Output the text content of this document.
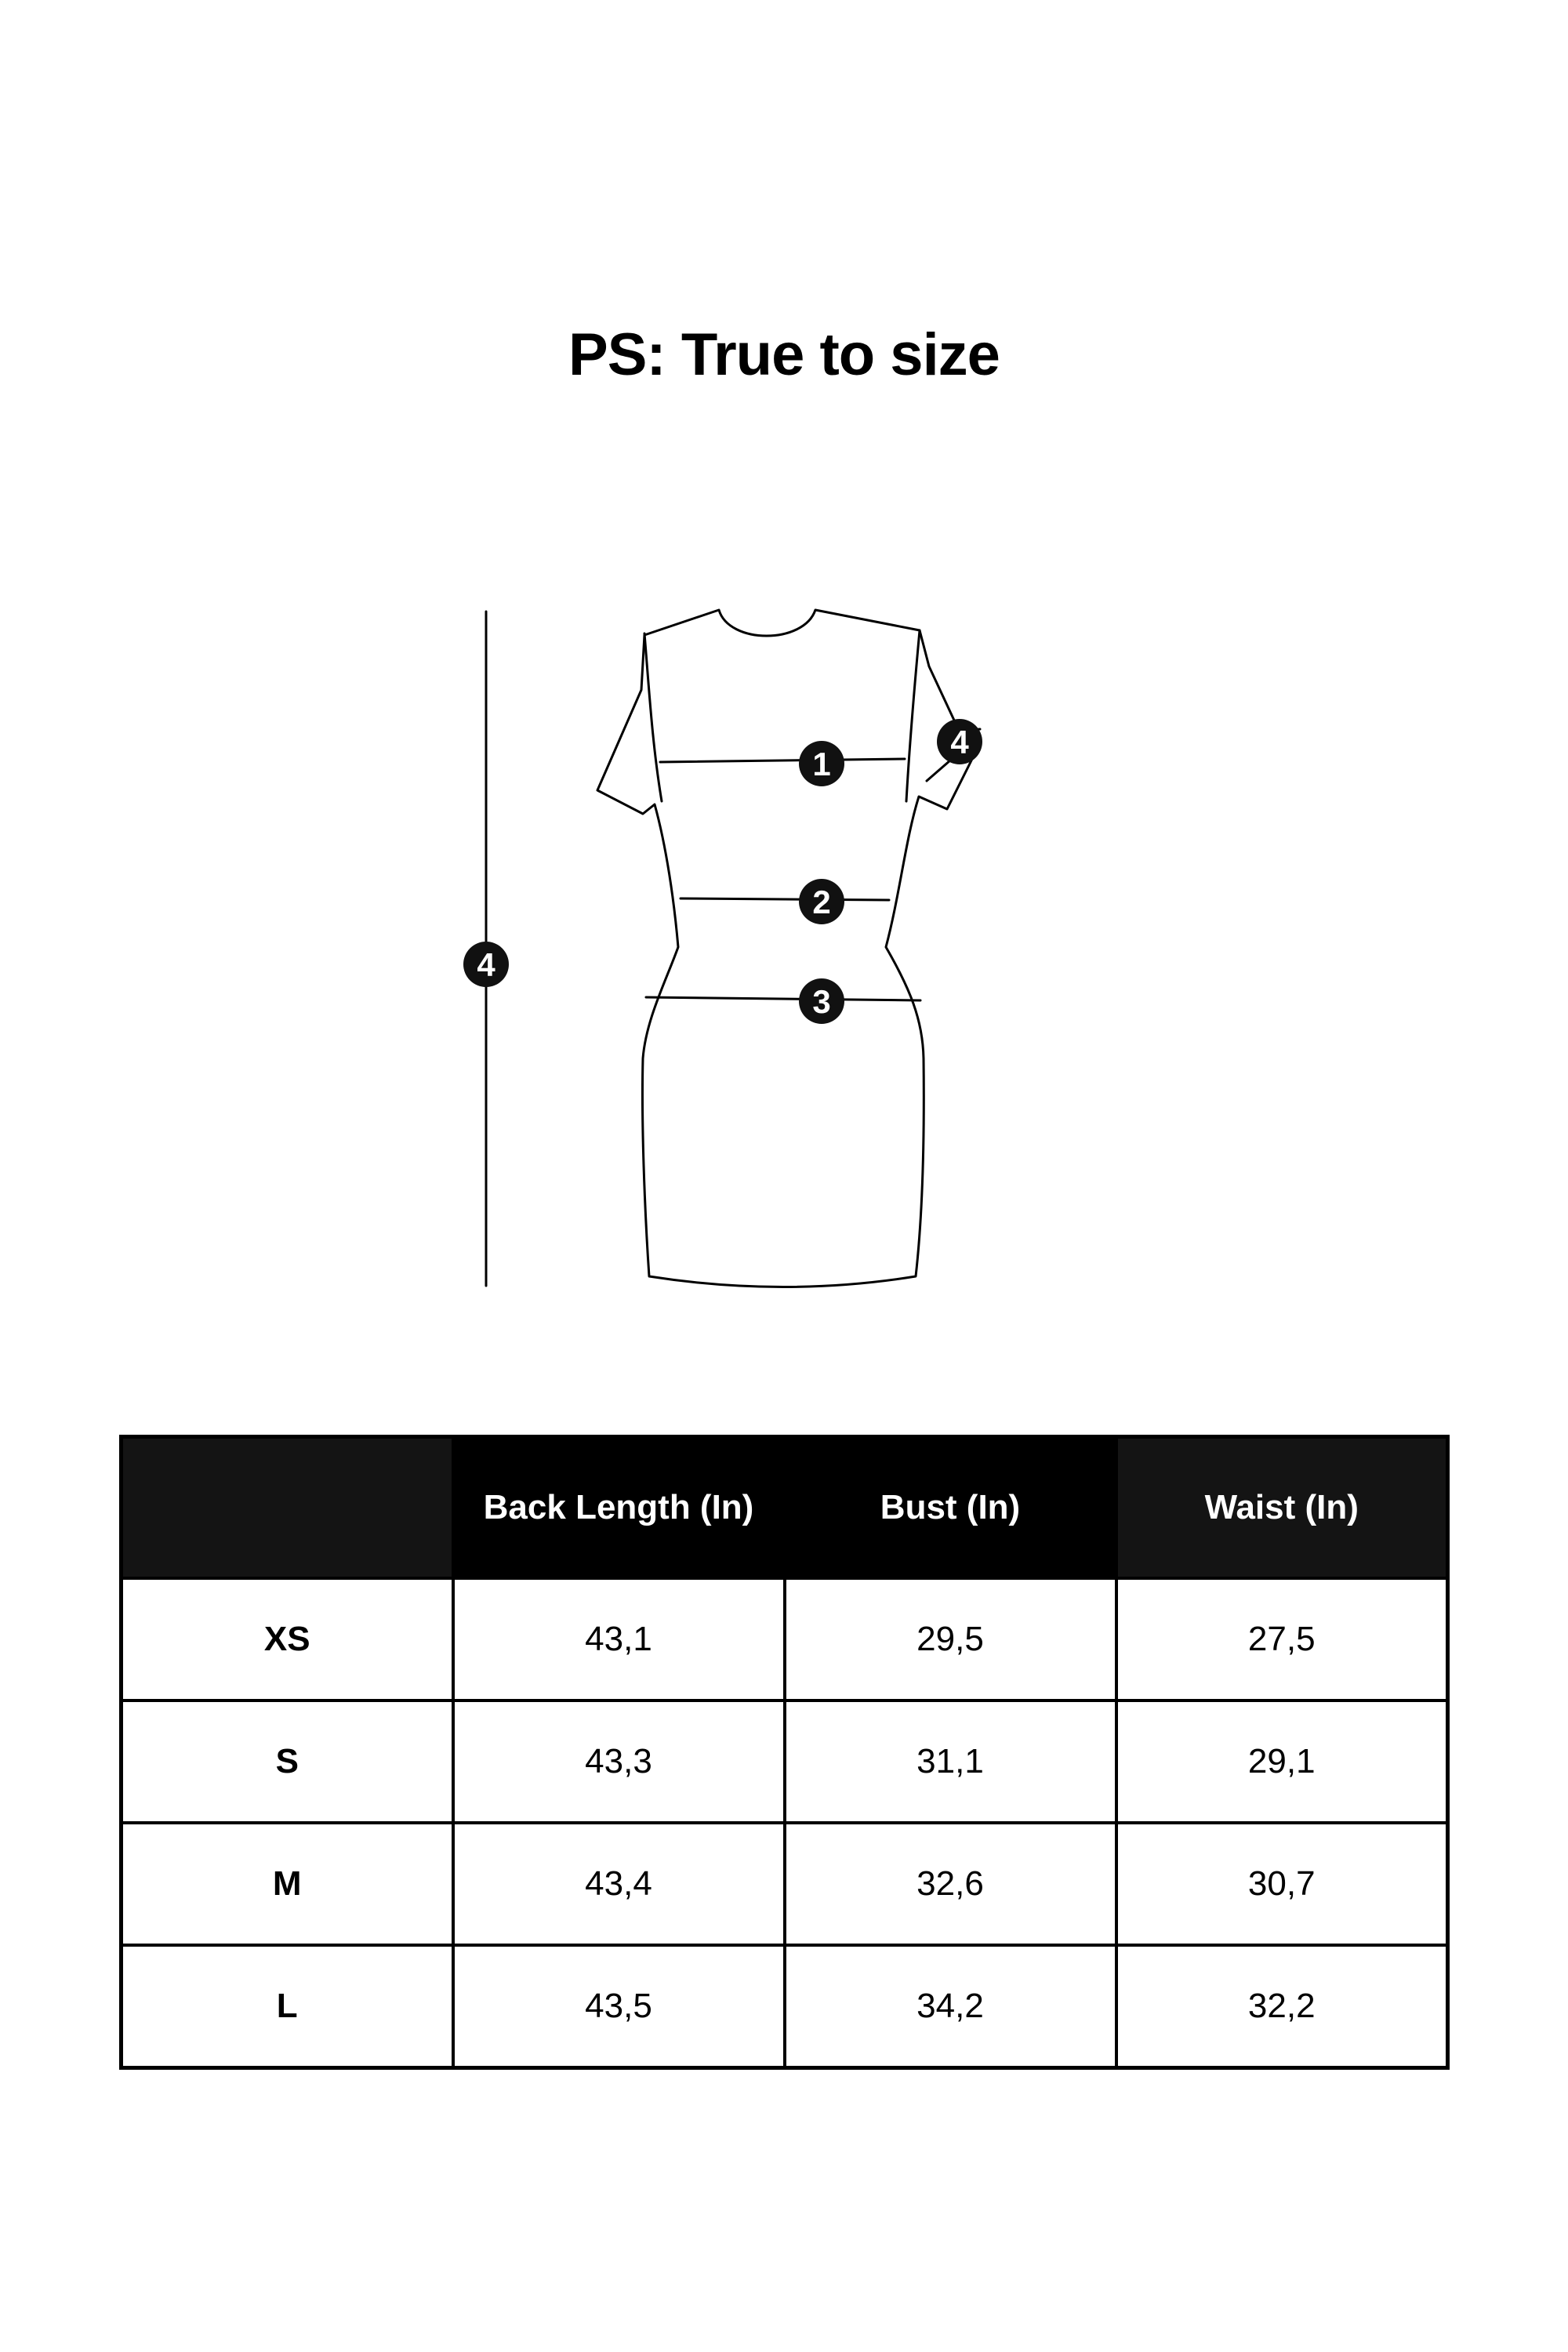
PS: True to size
1
2
3
4
4
	Back Length (In)	Bust (In)	Waist (In)
XS	43,1	29,5	27,5
S	43,3	31,1	29,1
M	43,4	32,6	30,7
L	43,5	34,2	32,2
